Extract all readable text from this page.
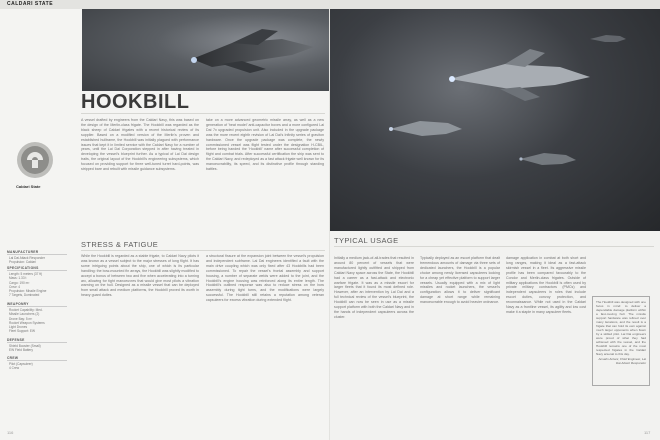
CALDARI STATE
HOOKBILL
Caldari State
MANUFACTURER
Lai Dai Attack Responder
Propulsion: Caldari
SPECIFICATIONS
Length: 5 meters (37 ft)
Mass: 1.33 t
Cargo: 190 m³
Crew: 4
Propulsion: Missile Engine
7 Targets, Dominated
WEAPONRY
Rocket Capability: Med.
Missile Launchers (2)
Drone Bay: 5 m³
Rocket Weapon Systems
Light Drones
Fleet Support: EW
DEFENSE
Shield Booster (Small)
EW Field Battery
CREW
Pilot (Capsuleer)
4 Crew
A vessel drafted by engineers from the Caldari Navy, this was based on the design of the Merlin-class frigate. The Hookbill was regarded as the black sheep of Caldari frigates with a recent historical review of its supplier. Based on a modified version of the Merlin's proven and established hulltrame, the Hookbill was initially plagued with performance issues that kept it in limited service with the Caldari Navy for a number of years, until the Lai Dai Corporation stepped in after having treated in developing the vessel's blueprint further. As a typical of Lai Dai design traits, the original layout of the Hookbill's engineering subsystems, which focused on providing support for three well-tuned turret hard-points, was stripped bare and rebuilt with missile guidance subsystems.
take on a more advanced geometric missile array, as well as a new generation of 'heat model' anti-capacitor boxes and a more configured Lai Dai 7x upgraded propulsion unit. Also included in the upgrade package was the more recent eighth revision of Lai Dai's Infinity series of graviton hardware. Once the upgrade package was complete, the newly commissioned vessel was flight tested under the designation H-CBIL, before being handed the 'Hookbill' name after successful completion of flight and combat trials. After successful certification the ship was sent to the Caldari Navy, and redeployed as a fast attack frigate well known for its manoeuvrability, its speed, and its distinctive profile through standing battles.
STRESS & FATIGUE
While the Hookbill is regarded as a stable frigate, to Caldari Navy pilots it was known as a vessel subject to the major stresses of long flight. It has some intriguing points about the ship, one of which is its particular handling: the bow-mounted fin arrays, the Hookbill was slightly modified to accept a bonus of between two and five when accelerating into a turning arc, allowing for tight manoeuvres that would give most pilots a vibration warning on the hull. Designed as a missile vessel that can be deployed from small attack and medium platforms, the Hookbill proved its worth in heavy guard duties.
a structural fissure at the expansion joint between the vessel's propulsion and independent subframe. Lai Dai engineers identified a fault with the main drive coupling which was only fixed after 43 Hookbills had been commissioned. To repair the vessel's frontal assembly and support housing, a number of separate welds were added to the joint, and the Hookbill's engine housing was reinforced along its entire length. The Hookbill's outlined response was also to reduce stress on the bow assembly during tight turns, and the modifications were largely successful. The Hookbill still retains a reputation among veteran capsuleers for excess vibration during extended flight.
116
TYPICAL USAGE
Initially a medium jack-of-all-trades that resulted in around 80 percent of vessels that were manufactured lightly outfitted and shipped from Caldari Navy space across the State, the Hookbill had a career as a fast-attack and electronic warfare frigate. It was as a missile escort for larger fleets that it found its most defined role. However, after an intervention by Lai Dai and a full technical review of the vessel's blueprint, the Hookbill can now be seen in use as a missile support platform with both the Caldari Navy and in the hands of independent capsuleers across the cluster.
Typically deployed as an escort platform that dealt tremendous amounts of damage via three sets of dedicated launchers, the Hookbill is a popular choice among newly licensed capsuleers looking for a cheap yet effective platform to support larger vessels. Usually equipped with a mix of light missiles and rocket launchers, the vessel's configuration allows it to deliver significant damage at short range while remaining manoeuvrable enough to avoid heavier ordnance.
damage application in combat at both short and long ranges, making it ideal as a fast-attack skirmish vessel in a fleet. Its aggressive missile profile has been compared favourably to the Condor and Merlin-class frigates. Outside of military applications the Hookbill is often used by private military contractors (PMCs) and independent capsuleers in roles that include escort duties, convoy protection, and reconnaissance. While not used in the Caldari Navy as a frontline vessel, its agility and low cost make it a staple in many capsuleer fleets.
The Hookbill was designed with one focus in mind: to deliver a dependable damage platform within a fast-moving hull. The missile support hardware was refined over many iterations, and the result is a frigate that can hold its own against much larger opponents when flown by a skilled pilot. Lai Dai engineers were proud of what they had achieved with the vessel, and the Hookbill remains one of the most respected frigates in the Caldari Navy arsenal to this day.
Ansalin Arkani, Chief Engineer, Lai Dai Attack Responder
117
